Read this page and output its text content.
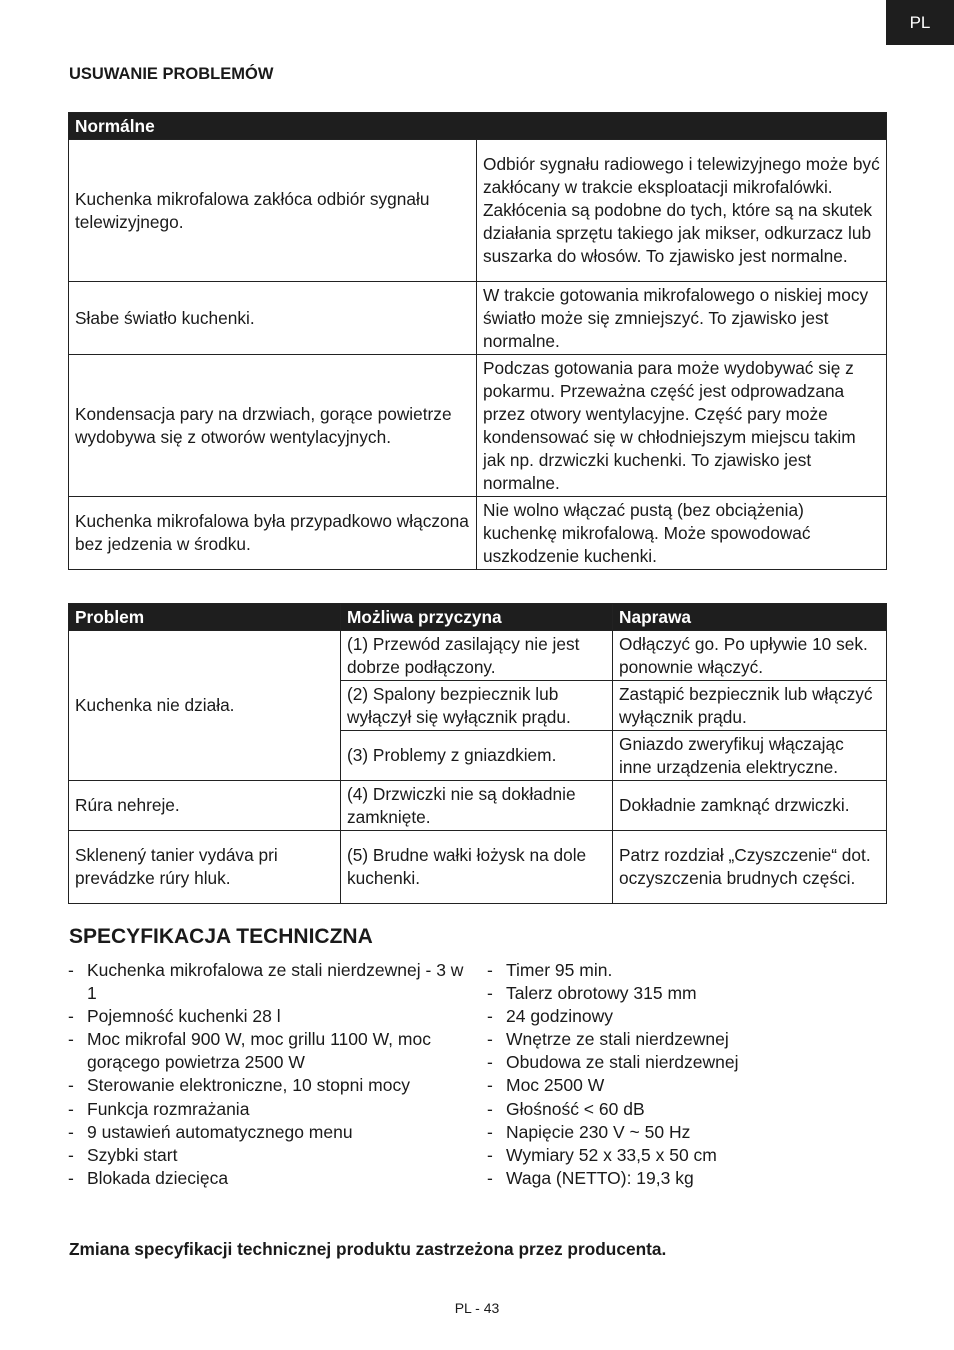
PL
USUWANIE PROBLEMÓW
Normálne	
Kuchenka mikrofalowa zakłóca odbiór sygnału telewizyjnego.	Odbiór sygnału radiowego i telewizyjnego może być zakłócany w trakcie eksploatacji mikrofalówki. Zakłócenia są podobne do tych, które są na skutek działania sprzętu takiego jak mikser, odkurzacz lub suszarka do włosów. To zjawisko jest normalne.
Słabe światło kuchenki.	W trakcie gotowania mikrofalowego o niskiej mocy światło może się zmniejszyć. To zjawisko jest normalne.
Kondensacja pary na drzwiach, gorące powietrze wydobywa się z otworów wentylacyjnych.	Podczas gotowania para może wydobywać się z pokarmu. Przeważna część jest odprowadzana przez otwory wentylacyjne. Część pary może kondensować się w chłodniejszym miejscu takim jak np. drzwiczki kuchenki. To zjawisko jest normalne.
Kuchenka mikrofalowa była przypadkowo włączona bez jedzenia w środku.	Nie wolno włączać pustą (bez obciążenia) kuchenkę mikrofalową. Może spowodować uszkodzenie kuchenki.
Problem	Możliwa przyczyna	Naprawa
Kuchenka nie działa.	(1) Przewód zasilający nie jest dobrze podłączony.	Odłączyć go. Po upływie 10 sek. ponownie włączyć.
	(2) Spalony bezpiecznik lub wyłączył się wyłącznik prądu.	Zastąpić bezpiecznik lub włączyć wyłącznik prądu.
	(3) Problemy z gniazdkiem.	Gniazdo zweryfikuj włączając inne urządzenia elektryczne.
Rúra nehreje.	(4) Drzwiczki nie są dokładnie zamknięte.	Dokładnie zamknąć drzwiczki.
Sklenený tanier vydáva pri prevádzke rúry hluk.	(5) Brudne wałki łożysk na dole kuchenki.	Patrz rozdział „Czyszczenie“ dot. oczyszczenia brudnych części.
SPECYFIKACJA TECHNICZNA
- Kuchenka mikrofalowa ze stali nierdzewnej - 3 w 1
- Pojemność kuchenki 28 l
- Moc mikrofal 900 W, moc grillu 1100 W, moc gorącego powietrza 2500 W
- Sterowanie elektroniczne, 10 stopni mocy
- Funkcja rozmrażania
- 9 ustawień automatycznego menu
- Szybki start
- Blokada dziecięca
- Timer 95 min.
- Talerz obrotowy 315 mm
- 24 godzinowy
- Wnętrze ze stali nierdzewnej
- Obudowa ze stali nierdzewnej
- Moc 2500 W
- Głośność < 60 dB
- Napięcie 230 V ~ 50 Hz
- Wymiary 52 x 33,5 x 50 cm
- Waga (NETTO): 19,3 kg
Zmiana specyfikacji technicznej produktu zastrzeżona przez producenta.
PL - 43
